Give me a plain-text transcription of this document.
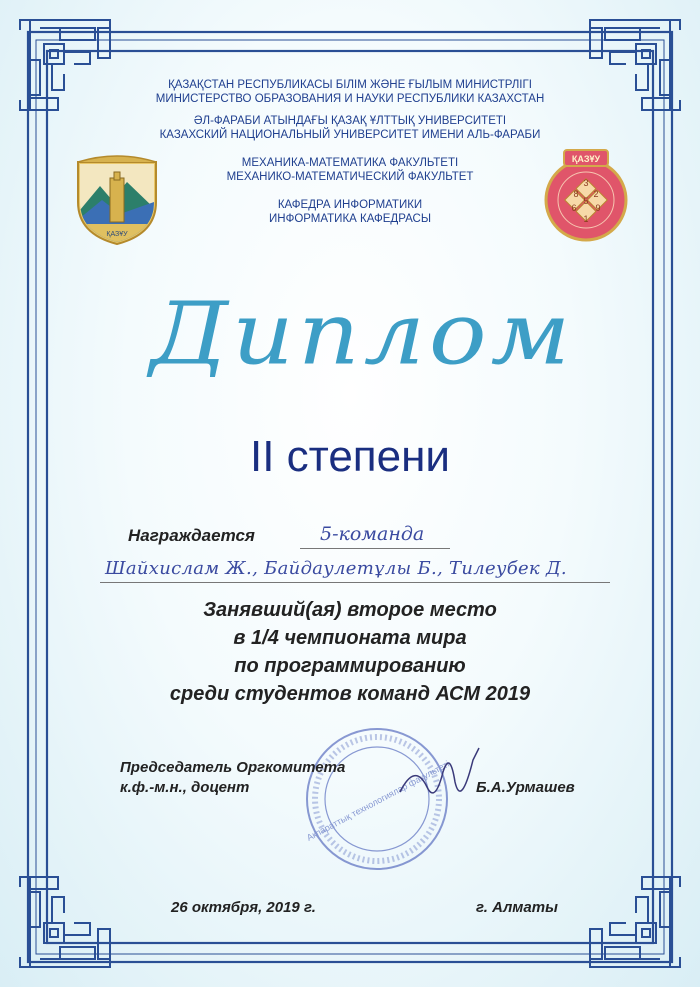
ҚАЗАҚСТАН РЕСПУБЛИКАСЫ БІЛІМ ЖӘНЕ ҒЫЛЫМ МИНИСТРЛІГІ
МИНИСТЕРСТВО ОБРАЗОВАНИЯ И НАУКИ РЕСПУБЛИКИ КАЗАХСТАН
ӘЛ-ФАРАБИ АТЫНДАҒЫ ҚАЗАҚ ҰЛТТЫҚ УНИВЕРСИТЕТІ
КАЗАХСКИЙ НАЦИОНАЛЬНЫЙ УНИВЕРСИТЕТ ИМЕНИ АЛЬ-ФАРАБИ
МЕХАНИКА-МАТЕМАТИКА ФАКУЛЬТЕТІ
МЕХАНИКО-МАТЕМАТИЧЕСКИЙ ФАКУЛЬТЕТ
КАФЕДРА ИНФОРМАТИКИ
ИНФОРМАТИКА КАФЕДРАСЫ
ҚАЗҰУ
ҚАЗҰУ
3
2
8
5
9
6
1
Диплом
II степени
Награждается	5-команда
Шайхислам Ж., Байдаулетұлы Б., Тилеубек Д.
Занявший(ая) второе место
в 1/4 чемпионата мира
по программированию
среди студентов команд АСМ 2019
Ақпараттық технологиялар факультеті
Председатель Оргкомитета
к.ф.-м.н., доцент	Б.А.Урмашев
26 октября, 2019 г.	г. Алматы
